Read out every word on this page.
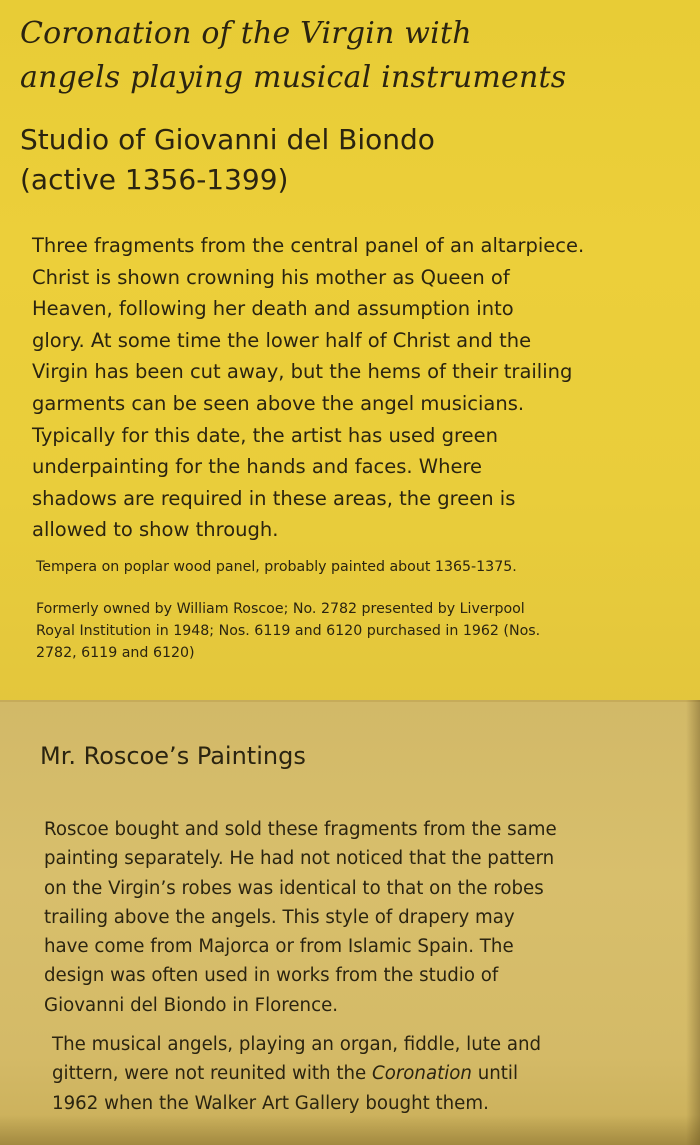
Coronation of the Virgin with
angels playing musical instruments
Studio of Giovanni del Biondo
(active 1356-1399)
Three fragments from the central panel of an altarpiece.
Christ is shown crowning his mother as Queen of
Heaven, following her death and assumption into
glory. At some time the lower half of Christ and the
Virgin has been cut away, but the hems of their trailing
garments can be seen above the angel musicians.
Typically for this date, the artist has used green
underpainting for the hands and faces. Where
shadows are required in these areas, the green is
allowed to show through.
Tempera on poplar wood panel, probably painted about 1365-1375.
Formerly owned by William Roscoe; No. 2782 presented by Liverpool
Royal Institution in 1948; Nos. 6119 and 6120 purchased in 1962 (Nos.
2782, 6119 and 6120)
Mr. Roscoe’s Paintings
Roscoe bought and sold these fragments from the same
painting separately. He had not noticed that the pattern
on the Virgin’s robes was identical to that on the robes
trailing above the angels. This style of drapery may
have come from Majorca or from Islamic Spain. The
design was often used in works from the studio of
Giovanni del Biondo in Florence.
The musical angels, playing an organ, fiddle, lute and
gittern, were not reunited with the Coronation until
1962 when the Walker Art Gallery bought them.
